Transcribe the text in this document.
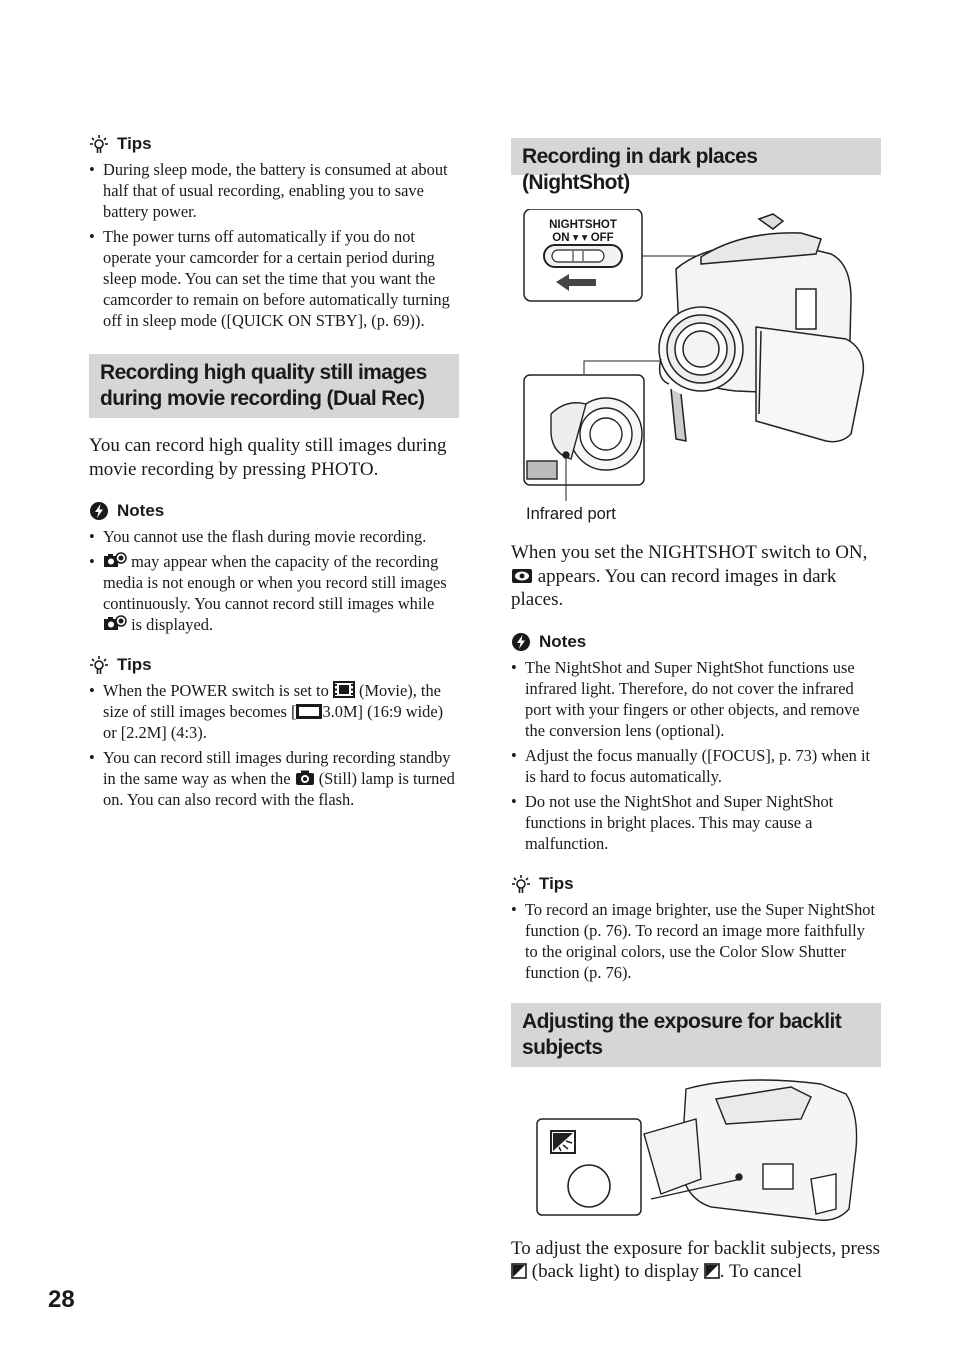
Tips
• During sleep mode, the battery is consumed at about half that of usual recording, enabling you to save battery power.
• The power turns off automatically if you do not operate your camcorder for a certain period during sleep mode. You can set the time that you want the camcorder to remain on before automatically turning off in sleep mode ([QUICK ON STBY], (p. 69)).
Recording high quality still images
during movie recording (Dual Rec)
You can record high quality still images during movie recording by pressing PHOTO.
Notes
• You cannot use the flash during movie recording.
• may appear when the capacity of the recording media is not enough or when you record still images continuously. You cannot record still images while  is displayed.
Tips
• When the POWER switch is set to  (Movie), the size of still images becomes [ 3.0M] (16:9 wide) or [2.2M] (4:3).
• You can record still images during recording standby in the same way as when the  (Still) lamp is turned on. You can also record with the flash.
Recording in dark places (NightShot)
NIGHTSHOT
ON ▾ ▾ OFF
Infrared port
When you set the NIGHTSHOT switch to ON,  appears. You can record images in dark places.
Notes
• The NightShot and Super NightShot functions use infrared light. Therefore, do not cover the infrared port with your fingers or other objects, and remove the conversion lens (optional).
• Adjust the focus manually ([FOCUS], p. 73) when it is hard to focus automatically.
• Do not use the NightShot and Super NightShot functions in bright places. This may cause a malfunction.
Tips
• To record an image brighter, use the Super NightShot function (p. 76). To record an image more faithfully to the original colors, use the Color Slow Shutter function (p. 76).
Adjusting the exposure for backlit
subjects
To adjust the exposure for backlit subjects, press  (back light) to display . To cancel
28
